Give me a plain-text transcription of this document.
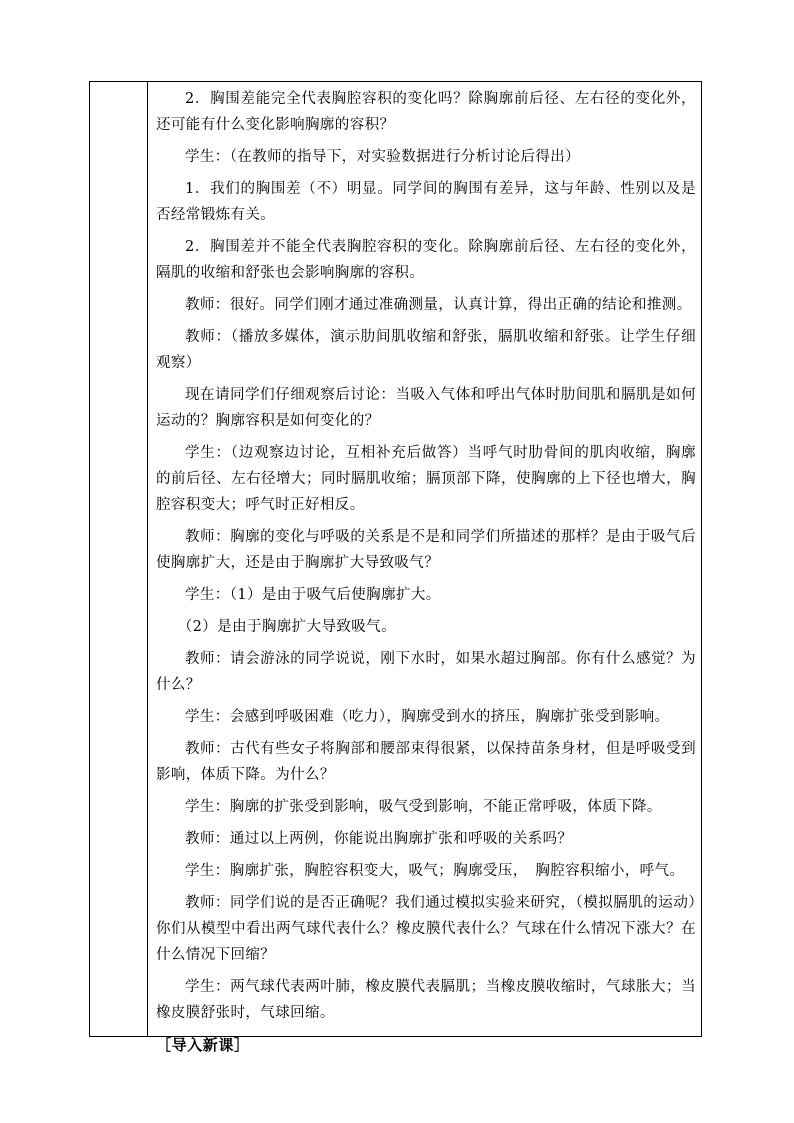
2．胸围差能完全代表胸腔容积的变化吗？除胸廓前后径、左右径的变化外，还可能有什么变化影响胸廓的容积？

学生：（在教师的指导下，对实验数据进行分析讨论后得出）

1．我们的胸围差（不）明显。同学间的胸围有差异，这与年龄、性别以及是否经常锻炼有关。

2．胸围差并不能全代表胸腔容积的变化。除胸廓前后径、左右径的变化外，隔肌的收缩和舒张也会影响胸廓的容积。

教师：很好。同学们刚才通过准确测量，认真计算，得出正确的结论和推测。

教师：（播放多媒体，演示肋间肌收缩和舒张，膈肌收缩和舒张。让学生仔细观察）

现在请同学们仔细观察后讨论：当吸入气体和呼出气体时肋间肌和膈肌是如何运动的？胸廓容积是如何变化的？

学生：（边观察边讨论，互相补充后做答）当呼气时肋骨间的肌肉收缩，胸廓的前后径、左右径增大；同时膈肌收缩；膈顶部下降，使胸廓的上下径也增大，胸腔容积变大；呼气时正好相反。

教师：胸廓的变化与呼吸的关系是不是和同学们所描述的那样？是由于吸气后使胸廓扩大，还是由于胸廓扩大导致吸气？

学生：（1）是由于吸气后使胸廓扩大。

（2）是由于胸廓扩大导致吸气。

教师：请会游泳的同学说说，刚下水时，如果水超过胸部。你有什么感觉？为什么？

学生：会感到呼吸困难（吃力），胸廓受到水的挤压，胸廓扩张受到影响。

教师：古代有些女子将胸部和腰部束得很紧，以保持苗条身材，但是呼吸受到影响，体质下降。为什么？

学生：胸廓的扩张受到影响，吸气受到影响，不能正常呼吸，体质下降。

教师：通过以上两例，你能说出胸廓扩张和呼吸的关系吗？

学生：胸廓扩张，胸腔容积变大，吸气；胸廓受压，　胸腔容积缩小，呼气。

教师：同学们说的是否正确呢？我们通过模拟实验来研究，（模拟膈肌的运动）你们从模型中看出两气球代表什么？橡皮膜代表什么？气球在什么情况下涨大？在什么情况下回缩？

学生：两气球代表两叶肺，橡皮膜代表膈肌；当橡皮膜收缩时，气球胀大；当橡皮膜舒张时，气球回缩。

［导入新课］
